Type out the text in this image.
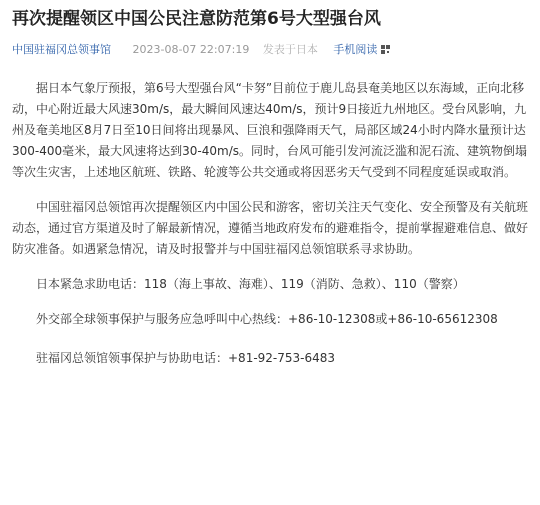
再次提醒领区中国公民注意防范第6号大型强台风
中国驻福冈总领事馆 2023-08-07 22:07:19 发表于日本 手机阅读

据日本气象厅预报，第6号大型强台风“卡努”目前位于鹿儿岛县奄美地区以东海域，正向北移动，中心附近最大风速30m/s，最大瞬间风速达40m/s，预计9日接近九州地区。受台风影响，九州及奄美地区8月7日至10日间将出现暴风、巨浪和强降雨天气，局部区域24小时内降水量预计达300-400毫米，最大风速将达到30-40m/s。同时，台风可能引发河流泛滥和泥石流、建筑物倒塌等次生灾害，上述地区航班、铁路、轮渡等公共交通或将因恶劣天气受到不同程度延误或取消。

中国驻福冈总领馆再次提醒领区内中国公民和游客，密切关注天气变化、安全预警及有关航班动态，通过官方渠道及时了解最新情况，遵循当地政府发布的避难指令，提前掌握避难信息、做好防灾准备。如遇紧急情况，请及时报警并与中国驻福冈总领馆联系寻求协助。

日本紧急求助电话：118（海上事故、海难）、119（消防、急救）、110（警察）

外交部全球领事保护与服务应急呼叫中心热线：+86-10-12308或+86-10-65612308

驻福冈总领馆领事保护与协助电话：+81-92-753-6483
